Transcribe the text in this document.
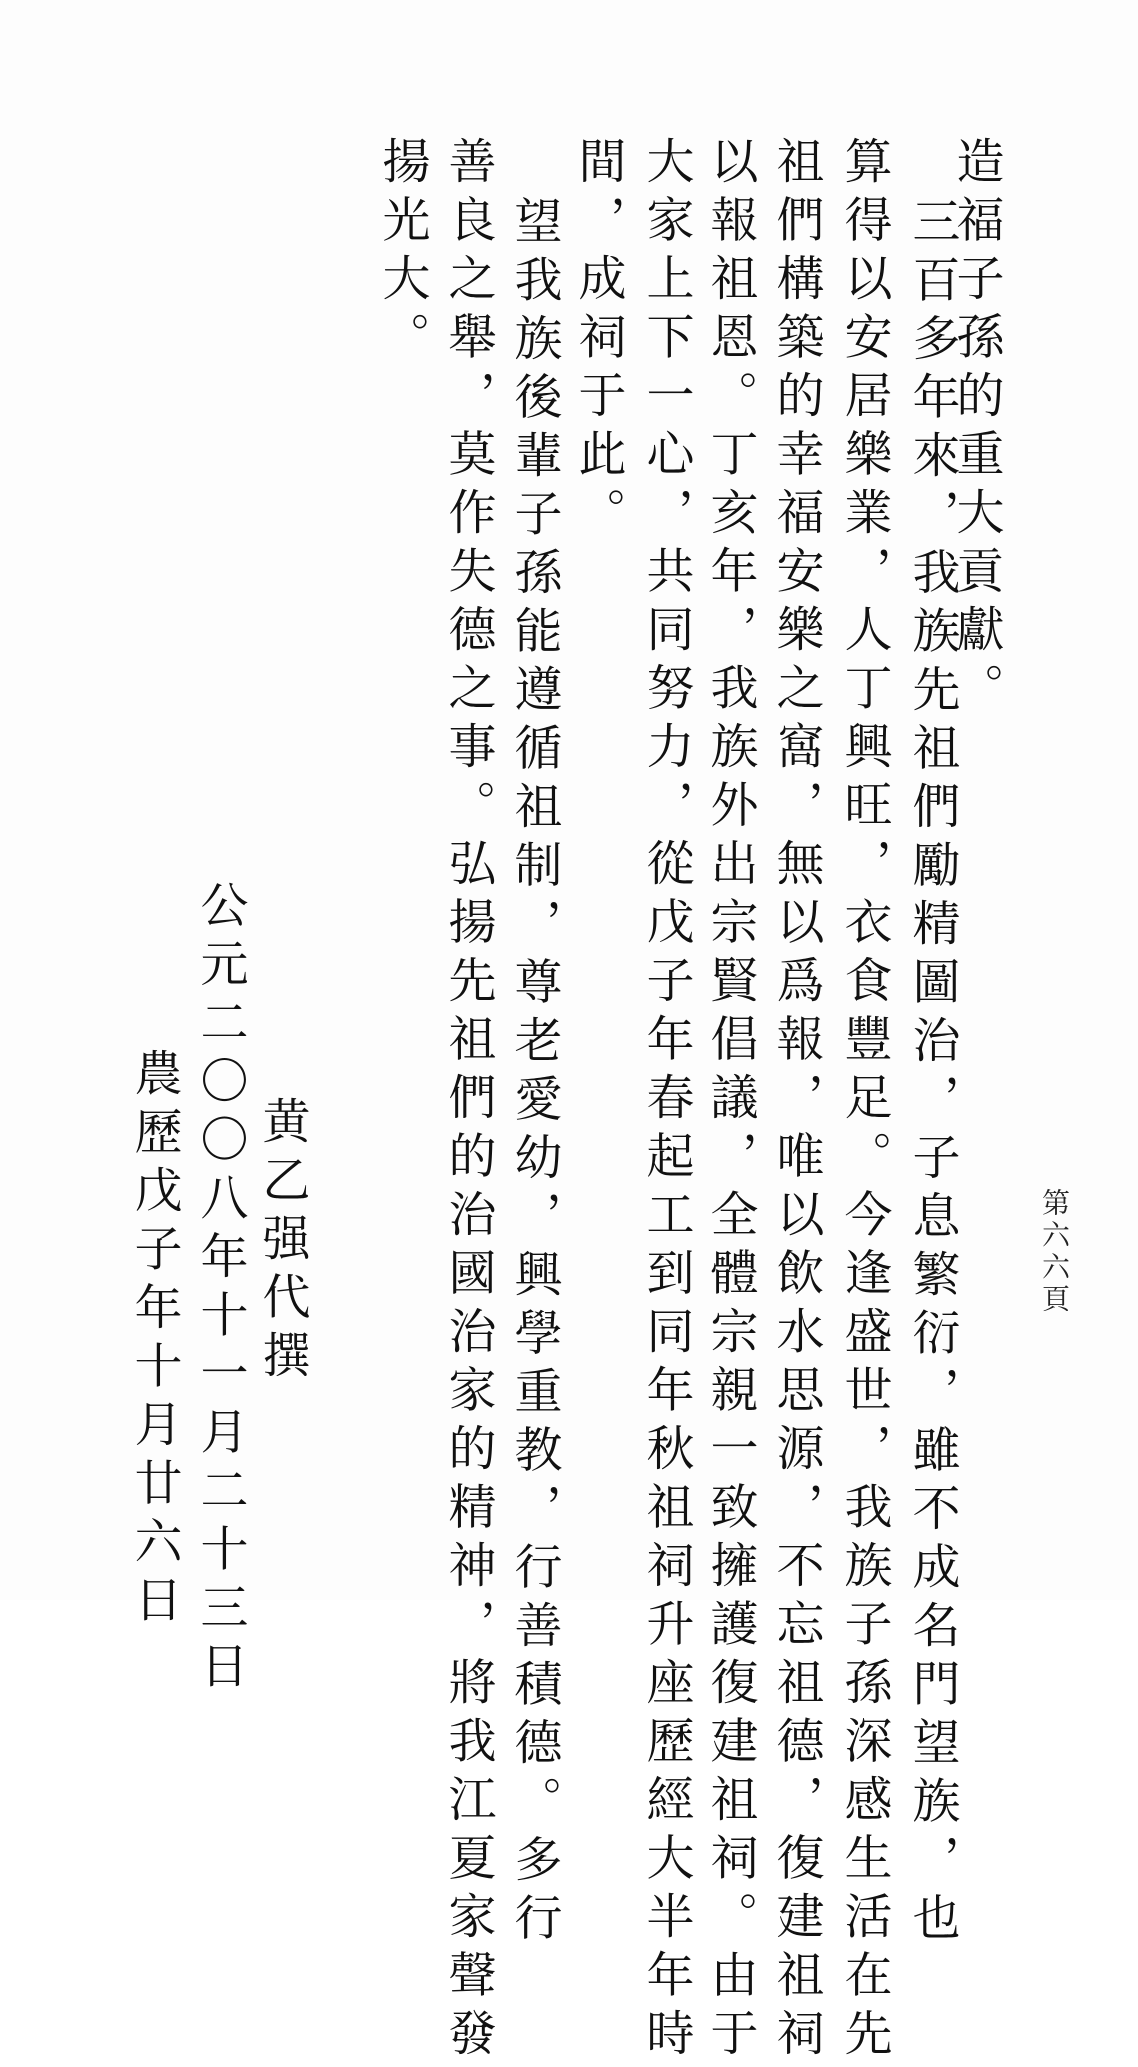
第六六頁

造福子孫的重大貢獻。

三百多年來，我族先祖們勵精圖治，子息繁衍，雖不成名門望族，也

算得以安居樂業，人丁興旺，衣食豐足。今逢盛世，我族子孫深感生活在先

祖們構築的幸福安樂之窩，無以爲報，唯以飲水思源，不忘祖德，復建祖祠

以報祖恩。丁亥年，我族外出宗賢倡議，全體宗親一致擁護復建祖祠。由于

大家上下一心，共同努力，從戊子年春起工到同年秋祖祠升座歷經大半年時

間，成祠于此。

望我族後輩子孫能遵循祖制，尊老愛幼，興學重教，行善積德。多行

善良之舉，莫作失德之事。弘揚先祖們的治國治家的精神，將我江夏家聲發

揚光大。

黄乙强代撰

公元二〇〇八年十一月二十三日

農歷戊子年十月廿六日
